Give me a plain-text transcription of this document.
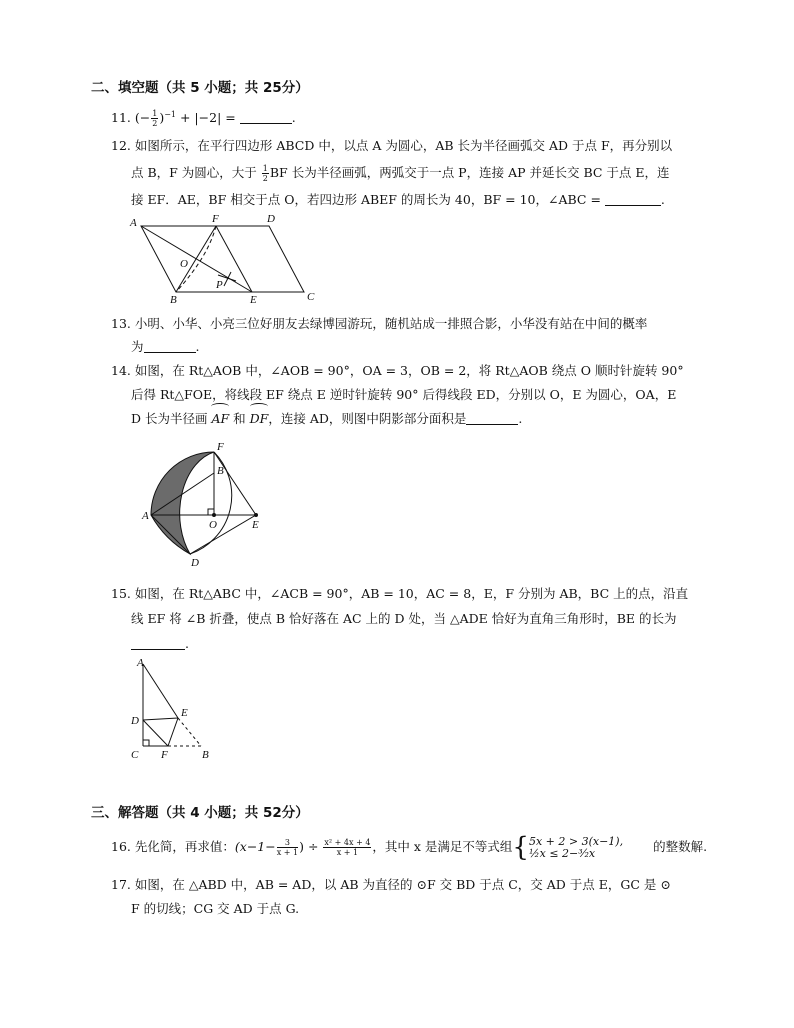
二、填空题（共 5 小题；共 25分）
11. (− $\frac{1}{2} )^{-1} + |-2|$ =	.
12. 如图所示，在平行四边形 ABCD 中，以点 A 为圆心，AB 长为半径画弧交 AD 于点 F，再分别以
点 B，F 为圆心，大于 $\frac{1}{2}$ BF 长为半径画弧，两弧交于一点 P，连接 AP 并延长交 BC 于点 E，连
接 EF．AE，BF 相交于点 O，若四边形 ABEF 的周长为 40，BF = 10，∠ABC =	.
A	F	D
O
P
B	E	C
13. 小明、小华、小亮三位好朋友去绿博园游玩，随机站成一排照合影，小华没有站在中间的概率
为	.
14. 如图，在 Rt△AOB 中，∠AOB = 90°，OA = 3，OB = 2，将 Rt△AOB 绕点 O 顺时针旋转 90°
后得 Rt△FOE，将线段 EF 绕点 E 逆时针旋转 90° 后得线段 ED，分别以 O，E 为圆心，OA，E
D 长为半径画
AF 和
DF，连接 AD，则图中阴影部分面积是	.
F
B
A
O	E
D
15. 如图，在 Rt△ABC 中，∠ACB = 90°，AB = 10，AC = 8，E，F 分别为 AB，BC 上的点，沿直
线 EF 将 ∠B 折叠，使点 B 恰好落在 AC 上的 D 处，当 △ADE 恰好为直角三角形时，BE 的长为
.
A
D
E
C F	B
三、解答题（共 4 小题；共 52分）
16. 先化简，再求值：($x-1- \frac{3}{x + 1}$ ) ÷ $\frac{\text{x² + 4x + 4}}{x + 1}$ ，其中 x 是满足不等式组{ 5x + 2 > 3(x−1),
½x ≤ 2−³⁄₂x	的整数解.
17. 如图，在 △ABD 中，AB = AD，以 AB 为直径的 ⊙F 交 BD 于点 C，交 AD 于点 E，GC 是 ⊙
F 的切线；CG 交 AD 于点 G.
